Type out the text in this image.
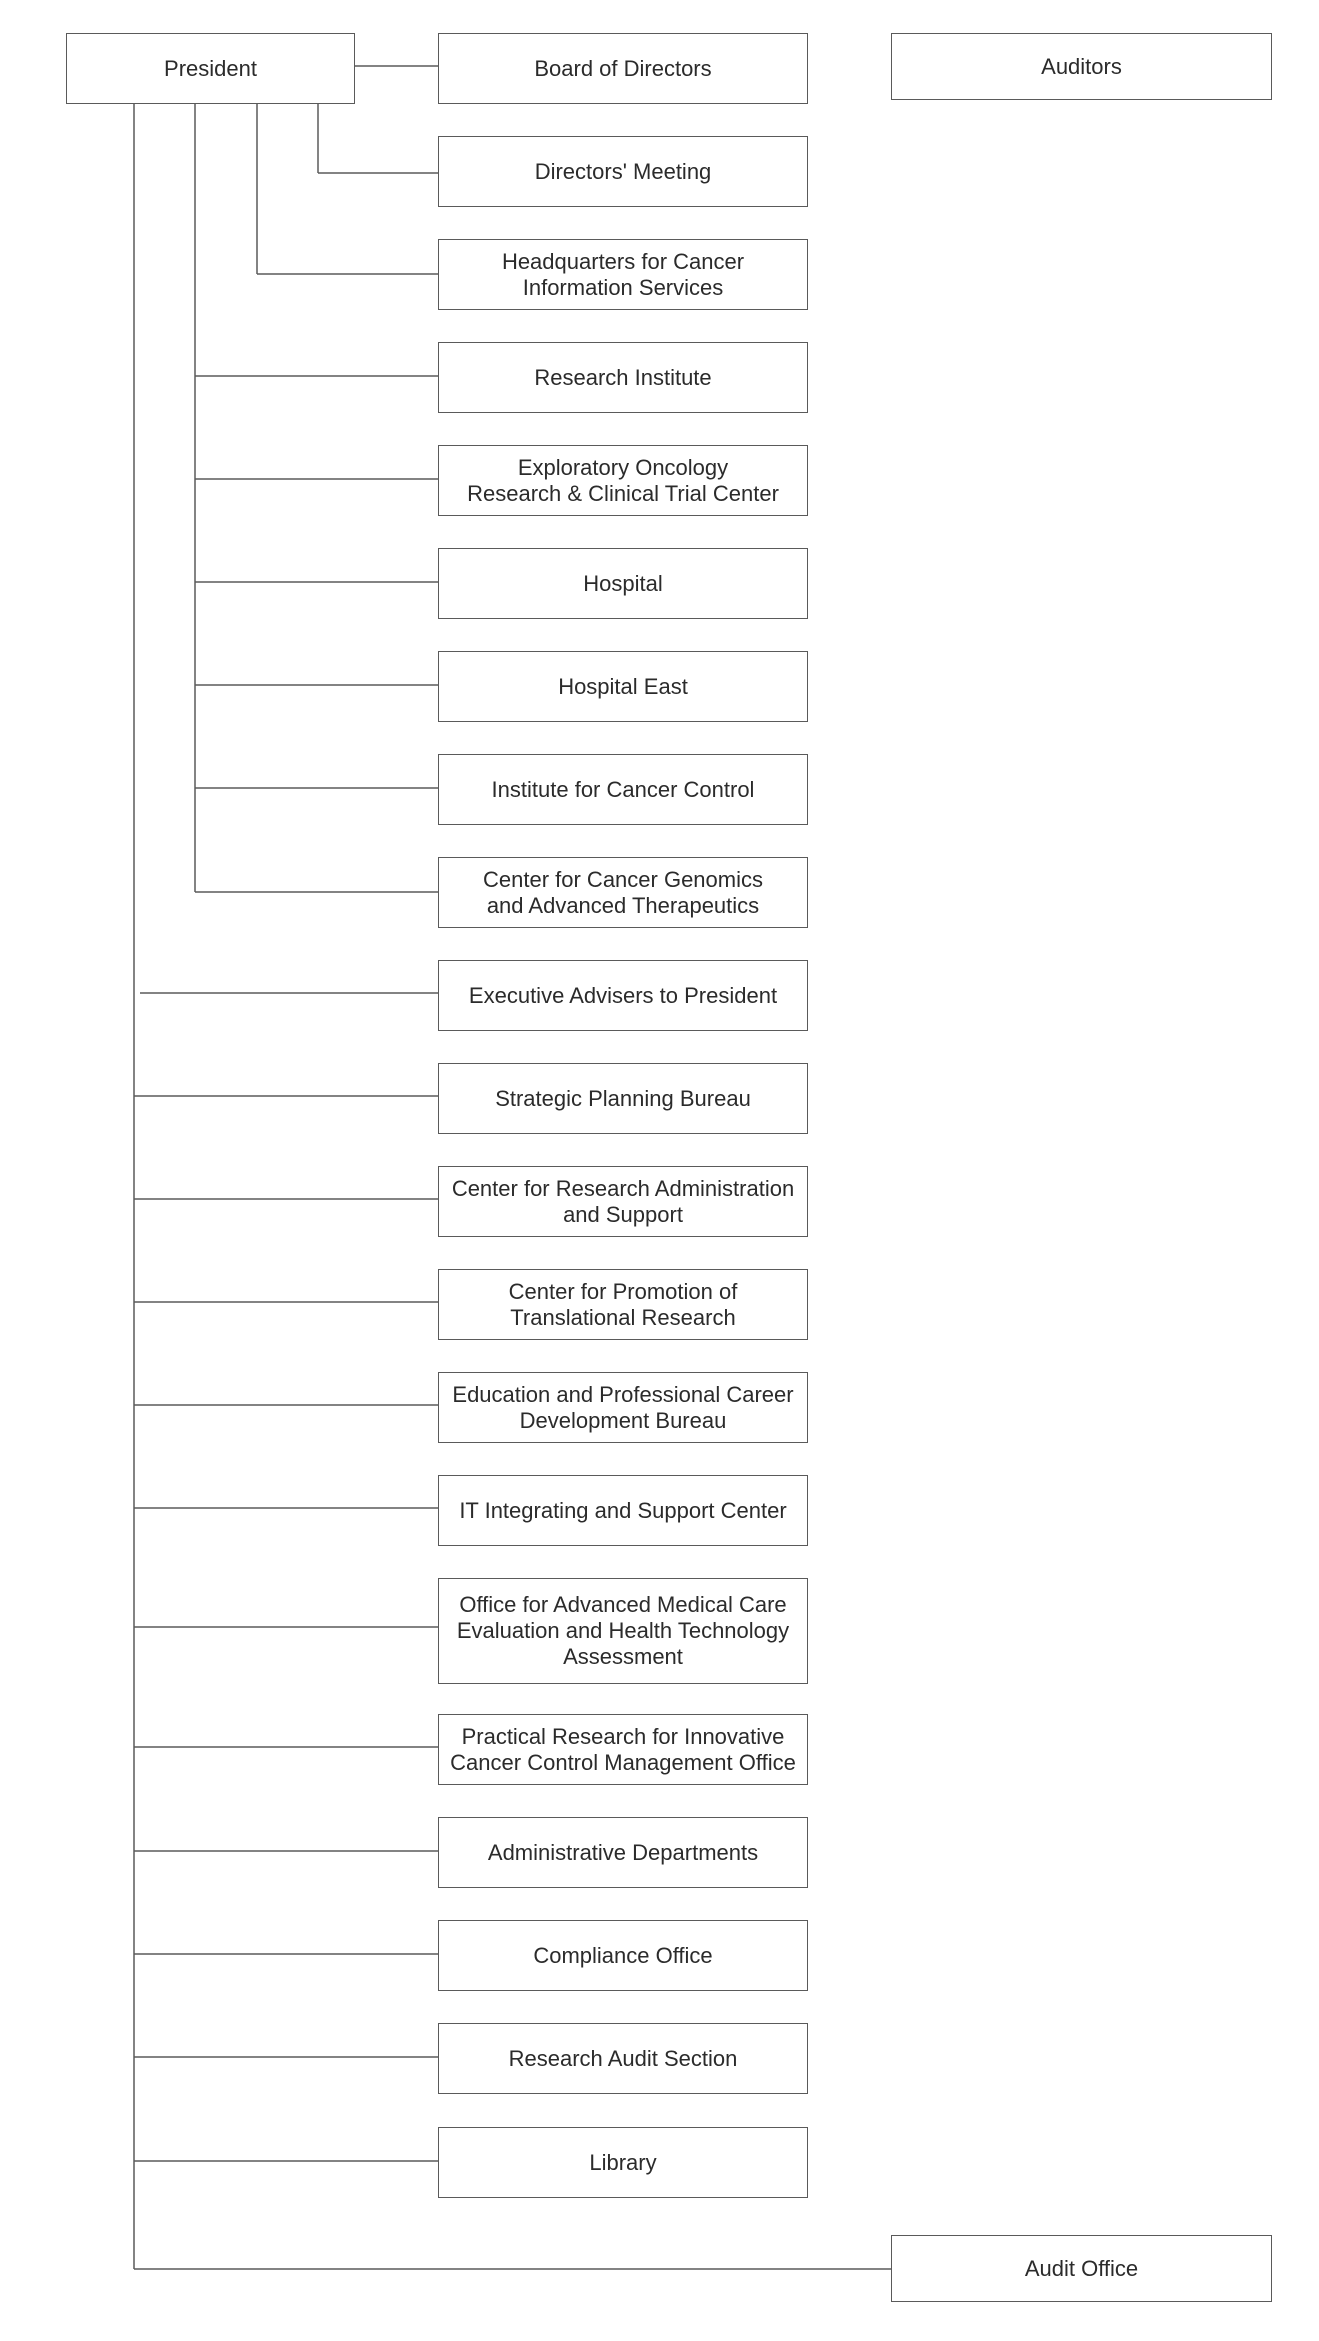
President	Auditors
Board of Directors
Directors' Meeting
Headquarters for Cancer
Information Services
Research Institute
Exploratory Oncology
Research & Clinical Trial Center
Hospital
Hospital East
Institute for Cancer Control
Center for Cancer Genomics
and Advanced Therapeutics
Executive Advisers to President
Strategic Planning Bureau
Center for Research Administration
and Support
Center for Promotion of
Translational Research
Education and Professional Career
Development Bureau
IT Integrating and Support Center
Office for Advanced Medical Care
Evaluation and Health Technology
Assessment
Practical Research for Innovative
Cancer Control Management Office
Administrative Departments
Compliance Office
Research Audit Section
Library
Audit Office
